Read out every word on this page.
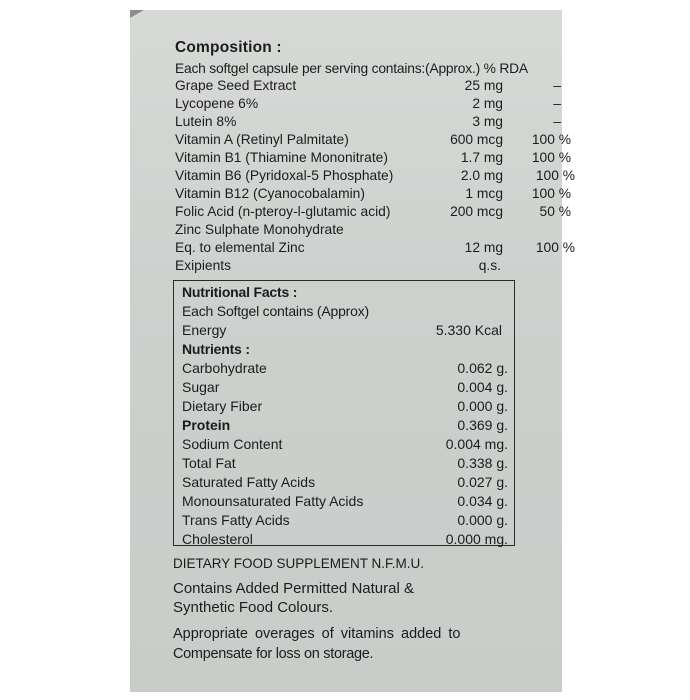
Composition :
Each softgel capsule per serving contains:(Approx.) % RDA
Grape Seed Extract	25 mg	–
Lycopene 6%	2 mg	–
Lutein 8%	3 mg	–
Vitamin A (Retinyl Palmitate)	600 mcg	100 %
Vitamin B1 (Thiamine Mononitrate)	1.7 mg	100 %
Vitamin B6 (Pyridoxal-5 Phosphate)	2.0 mg	100 %
Vitamin B12 (Cyanocobalamin)	1 mcg	100 %
Folic Acid (n-pteroy-l-glutamic acid)	200 mcg	50 %
Zinc Sulphate Monohydrate
Eq. to elemental Zinc	12 mg	100 %
Exipients	q.s.
Nutritional Facts :
Each Softgel contains (Approx)
Energy	5.330 Kcal
Nutrients :
Carbohydrate	0.062 g.
Sugar	0.004 g.
Dietary Fiber	0.000 g.
Protein	0.369 g.
Sodium Content	0.004 mg.
Total Fat	0.338 g.
Saturated Fatty Acids	0.027 g.
Monounsaturated Fatty Acids	0.034 g.
Trans Fatty Acids	0.000 g.
Cholesterol	0.000 mg.
DIETARY FOOD SUPPLEMENT N.F.M.U.
Contains Added Permitted Natural &
Synthetic Food Colours.
Appropriate overages of vitamins added to
Compensate for loss on storage.
